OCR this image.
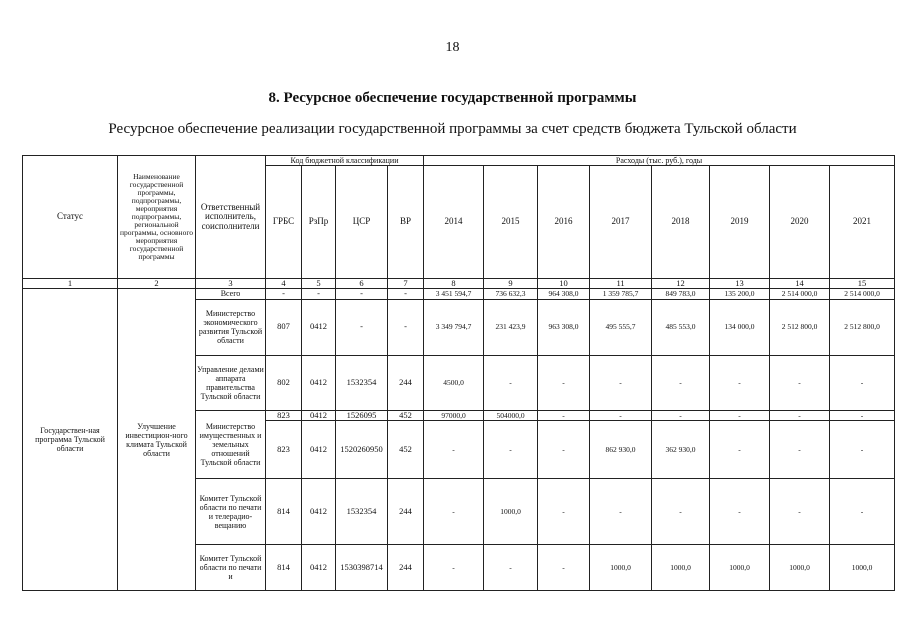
18
8. Ресурсное обеспечение государственной программы
Ресурсное обеспечение реализации государственной программы за счет средств бюджета Тульской области
Статус	Наименование государственной программы, подпрограммы, мероприятия подпрограммы, региональной программы, основного мероприятия государственной программы	Ответственный исполнитель, соисполнители	Код бюджетной классификации				Расходы (тыс. руб.), годы							
			ГРБС	РзПр	ЦСР	ВР	2014	2015	2016	2017	2018	2019	2020	2021
1	2	3	4	5	6	7	8	9	10	11	12	13	14	15
Государствен-ная программа Тульской области	Улучшение инвестицион-ного климата Тульской области	Всего	-	-	-	-	3 451 594,7	736 632,3	964 308,0	1 359 785,7	849 783,0	135 200,0	2 514 000,0	2 514 000,0
		Министерство экономического развития Тульской области	807	0412	-	-	3 349 794,7	231 423,9	963 308,0	495 555,7	485 553,0	134 000,0	2 512 800,0	2 512 800,0
		Управление делами аппарата правительства Тульской области	802	0412	1532354	244	4500,0	-	-	-	-	-	-	-
		Министерство имущественных и земельных отношений Тульской области	823	0412	1526095	452	97000,0	504000,0	-	-	-	-	-	-
			823	0412	1520260950	452	-	-	-	862 930,0	362 930,0	-	-	-
		Комитет Тульской области по печати и телерадио-вещанию	814	0412	1532354	244	-	1000,0	-	-	-	-	-	-
		Комитет Тульской области по печати и	814	0412	1530398714	244	-	-	-	1000,0	1000,0	1000,0	1000,0	1000,0
